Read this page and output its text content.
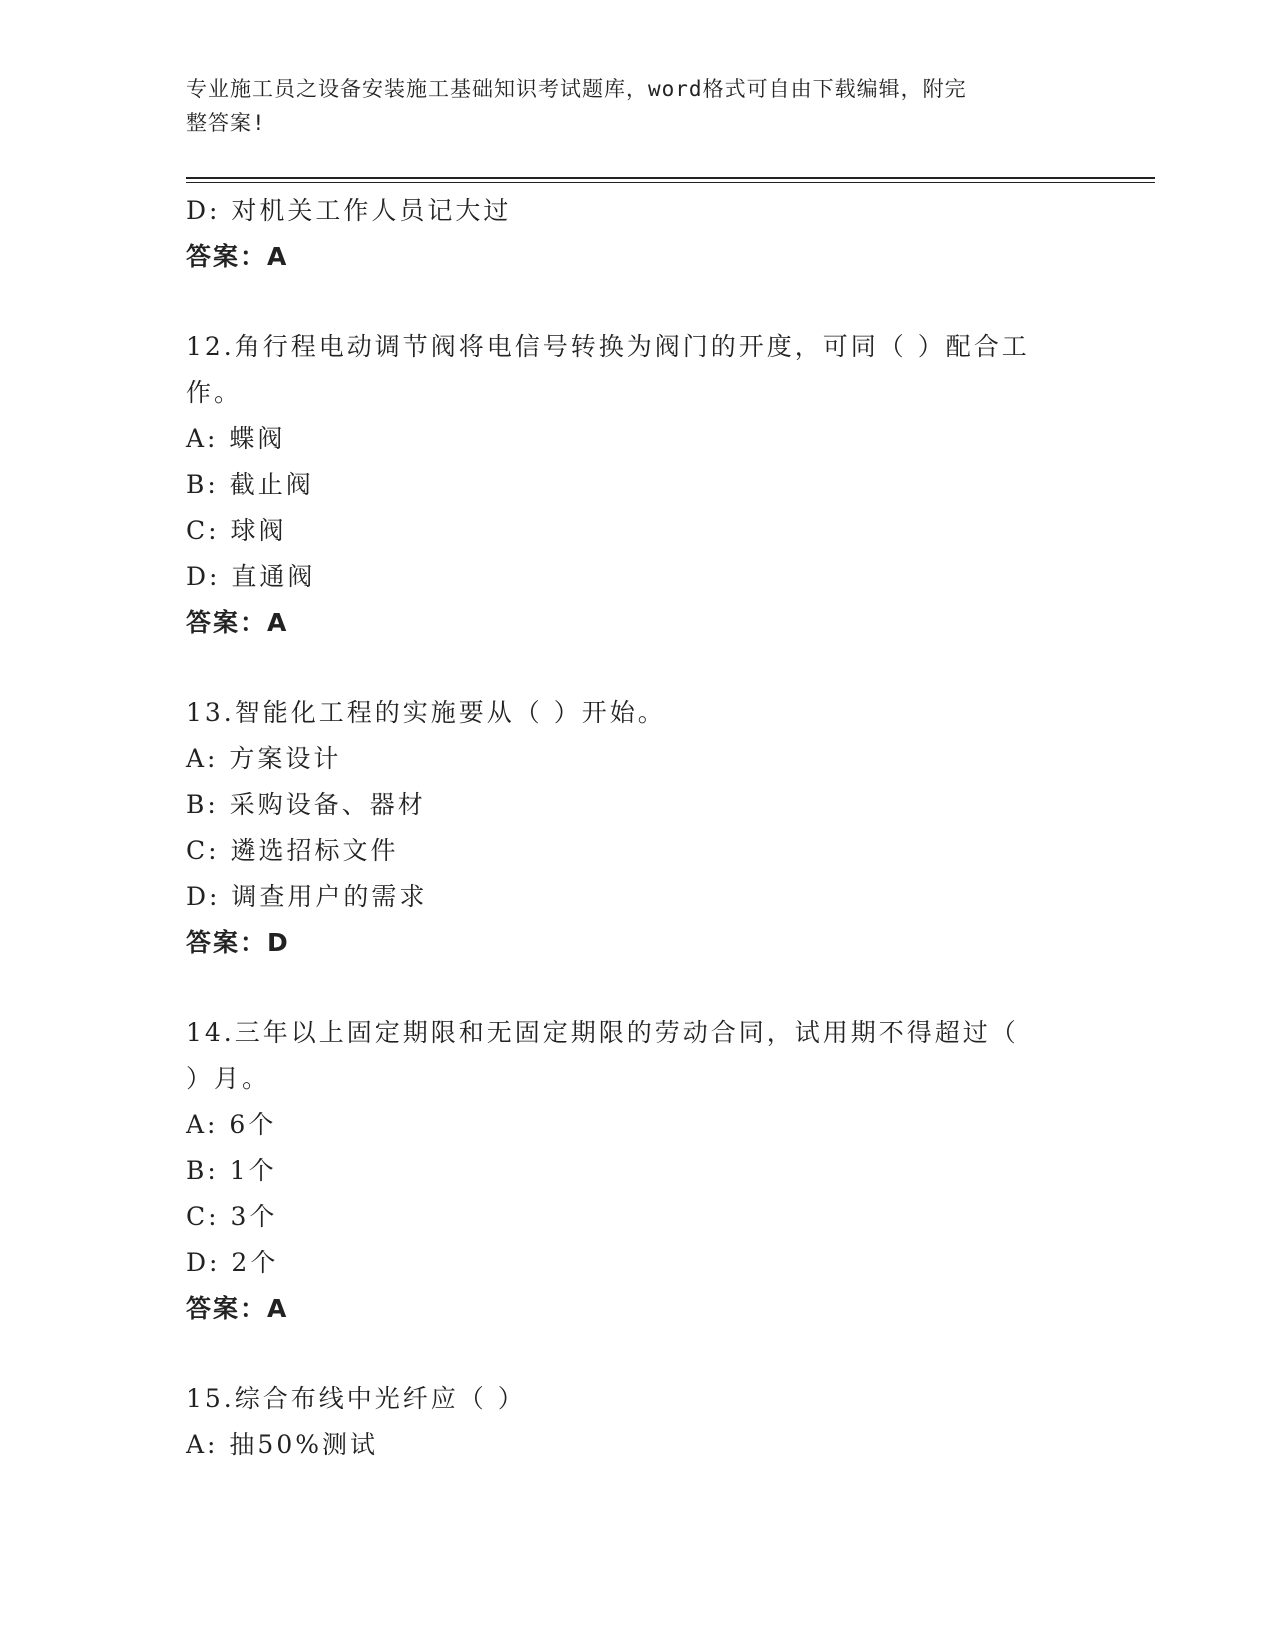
专业施工员之设备安装施工基础知识考试题库，word格式可自由下载编辑，附完
整答案!
D: 对机关工作人员记大过
答案：A
12.角行程电动调节阀将电信号转换为阀门的开度，可同（ ）配合工
作。
A: 蝶阀
B: 截止阀
C: 球阀
D: 直通阀
答案：A
13.智能化工程的实施要从（ ）开始。
A: 方案设计
B: 采购设备、器材
C: 遴选招标文件
D: 调查用户的需求
答案：D
14.三年以上固定期限和无固定期限的劳动合同，试用期不得超过（
）月。
A: 6个
B: 1个
C: 3个
D: 2个
答案：A
15.综合布线中光纤应（ ）
A: 抽50%测试
